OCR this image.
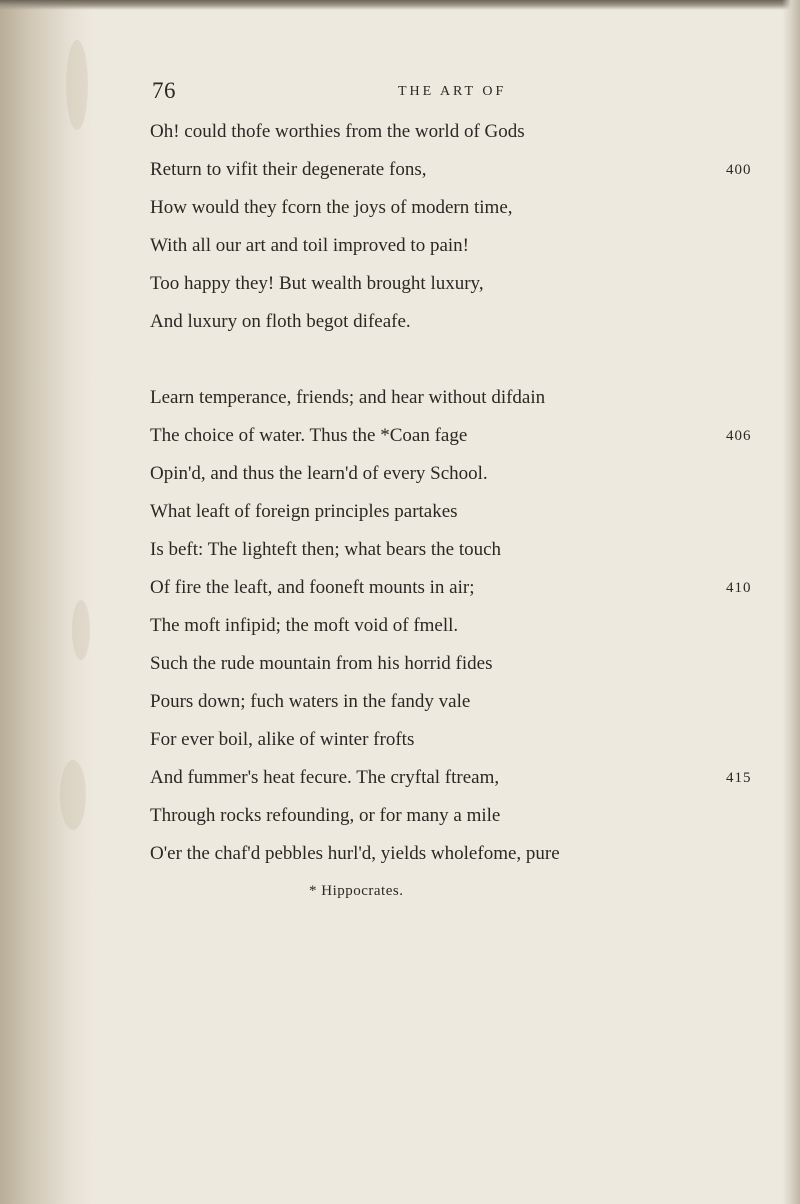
76	THE ART OF
Oh! could thofe worthies from the world of Gods
Return to vifit their degenerate fons,	400
How would they fcorn the joys of modern time,
With all our art and toil improved to pain!
Too happy they! But wealth brought luxury,
And luxury on floth begot difeafe.
Learn temperance, friends; and hear without difdain
The choice of water. Thus the *Coan fage	406
Opin'd, and thus the learn'd of every School.
What leaft of foreign principles partakes
Is beft: The lighteft then; what bears the touch
Of fire the leaft, and fooneft mounts in air;	410
The moft infipid; the moft void of fmell.
Such the rude mountain from his horrid fides
Pours down; fuch waters in the fandy vale
For ever boil, alike of winter frofts
And fummer's heat fecure. The cryftal ftream,	415
Through rocks refounding, or for many a mile
O'er the chaf'd pebbles hurl'd, yields wholefome, pure
* Hippocrates.
